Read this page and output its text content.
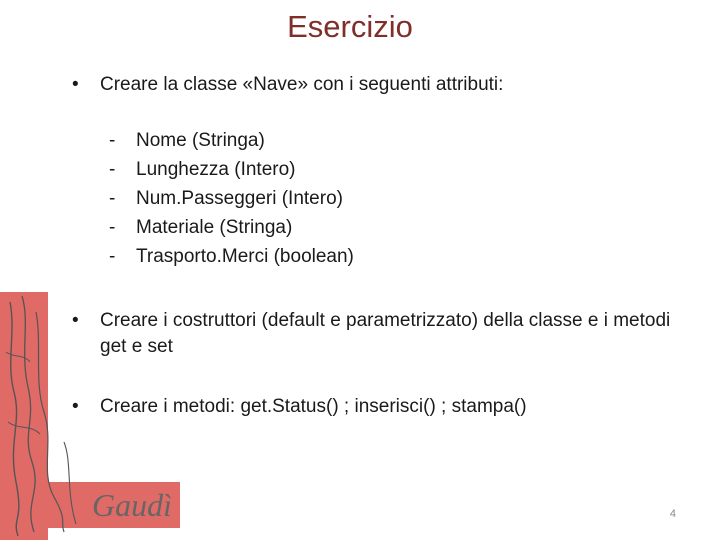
Esercizio
•	Creare la classe «Nave» con i seguenti attributi:
- Nome (Stringa)
- Lunghezza (Intero)
- Num.Passeggeri (Intero)
- Materiale (Stringa)
- Trasporto.Merci (boolean)
•	Creare i costruttori (default e parametrizzato) della classe e i metodi get e set
•	Creare i metodi: get.Status() ; inserisci() ; stampa()
Gaudì	4
